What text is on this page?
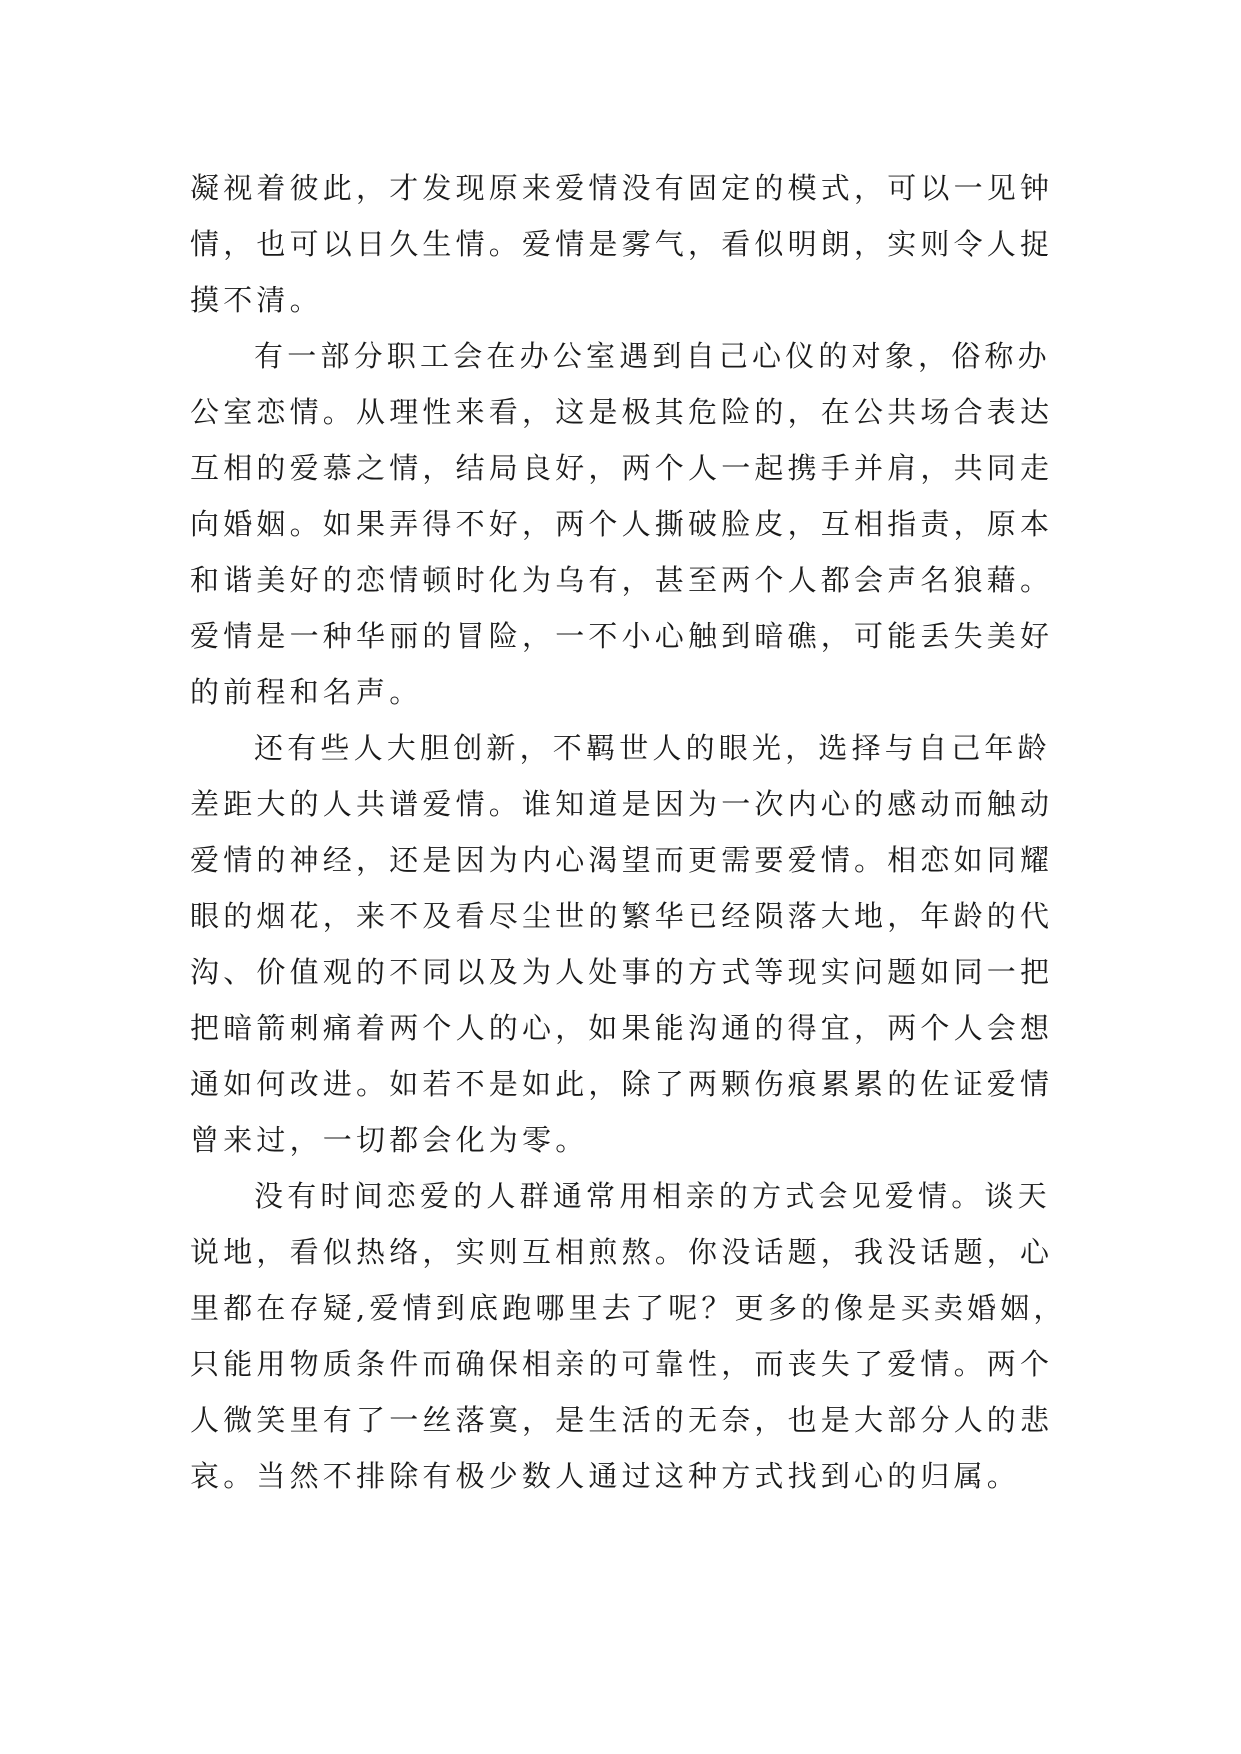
凝视着彼此，才发现原来爱情没有固定的模式，可以一见钟
情，也可以日久生情。爱情是雾气，看似明朗，实则令人捉
摸不清。
有一部分职工会在办公室遇到自己心仪的对象，俗称办
公室恋情。从理性来看，这是极其危险的，在公共场合表达
互相的爱慕之情，结局良好，两个人一起携手并肩，共同走
向婚姻。如果弄得不好，两个人撕破脸皮，互相指责，原本
和谐美好的恋情顿时化为乌有，甚至两个人都会声名狼藉。
爱情是一种华丽的冒险，一不小心触到暗礁，可能丢失美好
的前程和名声。
还有些人大胆创新，不羁世人的眼光，选择与自己年龄
差距大的人共谱爱情。谁知道是因为一次内心的感动而触动
爱情的神经，还是因为内心渴望而更需要爱情。相恋如同耀
眼的烟花，来不及看尽尘世的繁华已经陨落大地，年龄的代
沟、价值观的不同以及为人处事的方式等现实问题如同一把
把暗箭刺痛着两个人的心，如果能沟通的得宜，两个人会想
通如何改进。如若不是如此，除了两颗伤痕累累的佐证爱情
曾来过，一切都会化为零。
没有时间恋爱的人群通常用相亲的方式会见爱情。谈天
说地，看似热络，实则互相煎熬。你没话题，我没话题，心
里都在存疑,爱情到底跑哪里去了呢？更多的像是买卖婚姻，
只能用物质条件而确保相亲的可靠性，而丧失了爱情。两个
人微笑里有了一丝落寞，是生活的无奈，也是大部分人的悲
哀。当然不排除有极少数人通过这种方式找到心的归属。
